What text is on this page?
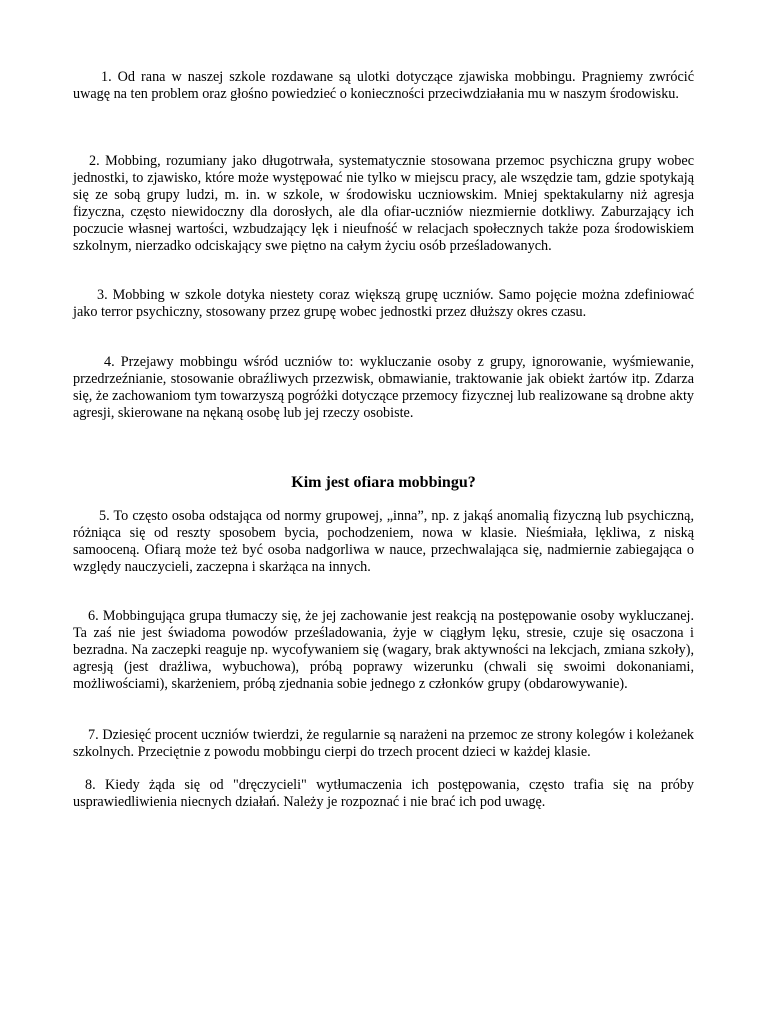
1. Od rana w naszej szkole rozdawane są ulotki dotyczące zjawiska mobbingu. Pragniemy zwrócić uwagę na ten problem oraz głośno powiedzieć o konieczności przeciwdziałania mu w naszym środowisku.

2. Mobbing, rozumiany jako długotrwała, systematycznie stosowana przemoc psychiczna grupy wobec jednostki, to zjawisko, które może występować nie tylko w miejscu pracy, ale wszędzie tam, gdzie spotykają się ze sobą grupy ludzi, m. in. w szkole, w środowisku uczniowskim. Mniej spektakularny niż agresja fizyczna, często niewidoczny dla dorosłych, ale dla ofiar-uczniów niezmiernie dotkliwy. Zaburzający ich poczucie własnej wartości, wzbudzający lęk i nieufność w relacjach społecznych także poza środowiskiem szkolnym, nierzadko odciskający swe piętno na całym życiu osób prześladowanych.

3. Mobbing w szkole dotyka niestety coraz większą grupę uczniów. Samo pojęcie można zdefiniować jako terror psychiczny, stosowany przez grupę wobec jednostki przez dłuższy okres czasu.

4. Przejawy mobbingu wśród uczniów to: wykluczanie osoby z grupy, ignorowanie, wyśmiewanie, przedrzeźnianie, stosowanie obraźliwych przezwisk, obmawianie, traktowanie jak obiekt żartów itp. Zdarza się, że zachowaniom tym towarzyszą pogróżki dotyczące przemocy fizycznej lub realizowane są drobne akty agresji, skierowane na nękaną osobę lub jej rzeczy osobiste.

Kim jest ofiara mobbingu?

5. To często osoba odstająca od normy grupowej, „inna”, np. z jakąś anomalią fizyczną lub psychiczną, różniąca się od reszty sposobem bycia, pochodzeniem, nowa w klasie. Nieśmiała, lękliwa, z niską samooceną. Ofiarą może też być osoba nadgorliwa w nauce, przechwalająca się, nadmiernie zabiegająca o względy nauczycieli, zaczepna i skarżąca na innych.

6. Mobbingująca grupa tłumaczy się, że jej zachowanie jest reakcją na postępowanie osoby wykluczanej. Ta zaś nie jest świadoma powodów prześladowania, żyje w ciągłym lęku, stresie, czuje się osaczona i bezradna. Na zaczepki reaguje np. wycofywaniem się (wagary, brak aktywności na lekcjach, zmiana szkoły), agresją (jest drażliwa, wybuchowa), próbą poprawy wizerunku (chwali się swoimi dokonaniami, możliwościami), skarżeniem, próbą zjednania sobie jednego z członków grupy (obdarowywanie).

7. Dziesięć procent uczniów twierdzi, że regularnie są narażeni na przemoc ze strony kolegów i koleżanek szkolnych. Przeciętnie z powodu mobbingu cierpi do trzech procent dzieci w każdej klasie.

8. Kiedy żąda się od "dręczycieli" wytłumaczenia ich postępowania, często trafia się na próby usprawiedliwienia niecnych działań. Należy je rozpoznać i nie brać ich pod uwagę.
